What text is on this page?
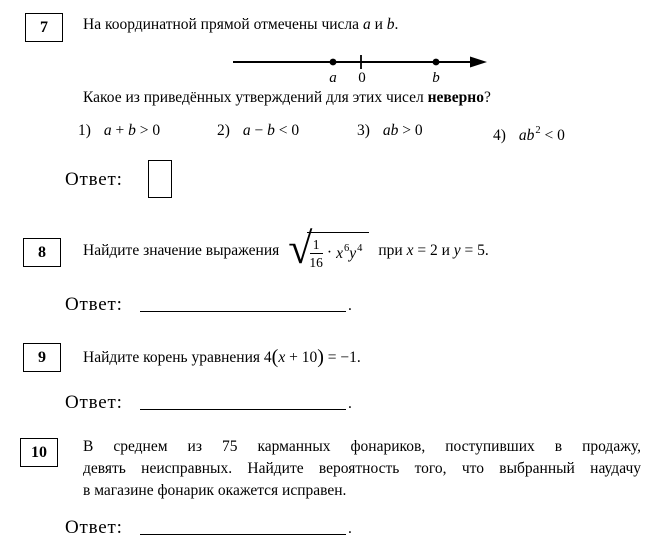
7	На координатной прямой отмечены числа a и b.
a 0	b
Какое из приведённых утверждений для этих чисел неверно?
1) a + b > 0	2) a − b < 0	3) ab > 0	4) $ab^2 < 0$
Ответ:
8	Найдите значение выражения √
$\frac{1}{16} \cdot x^6y^4$ при x = 2 и y = 5.
Ответ:	.
9	Найдите корень уравнения 4(x + 10) = −1.
Ответ:	.
10	В среднем из 75 карманных фонариков, поступивших в продажу,
девять неисправных. Найдите вероятность того, что выбранный наудачу
в магазине фонарик окажется исправен.
Ответ:	.
